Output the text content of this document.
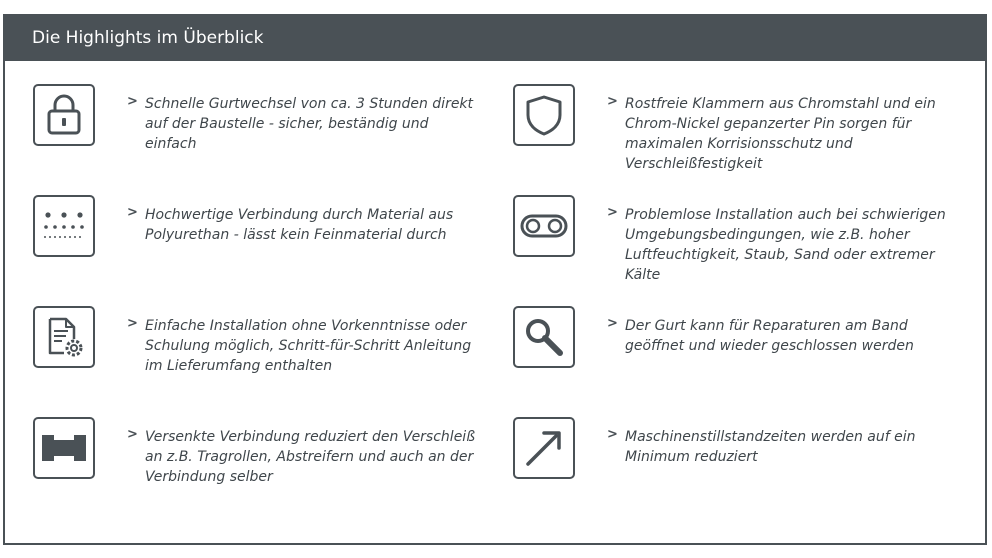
Die Highlights im Überblick
> Schnelle Gurtwechsel von ca. 3 Stunden direkt auf der Baustelle - sicher, beständig und einfach
> Rostfreie Klammern aus Chromstahl und ein Chrom-Nickel gepanzerter Pin sorgen für maximalen Korrisionsschutz und Verschleißfestigkeit
> Hochwertige Verbindung durch Material aus Polyurethan - lässt kein Feinmaterial durch
> Problemlose Installation auch bei schwierigen Umgebungsbedingungen, wie z.B. hoher Luftfeuchtigkeit, Staub, Sand oder extremer Kälte
> Einfache Installation ohne Vorkenntnisse oder Schulung möglich, Schritt-für-Schritt Anleitung im Lieferumfang enthalten
> Der Gurt kann für Reparaturen am Band geöffnet und wieder geschlossen werden
> Versenkte Verbindung reduziert den Verschleiß an z.B. Tragrollen, Abstreifern und auch an der Verbindung selber
> Maschinenstillstandzeiten werden auf ein Minimum reduziert
